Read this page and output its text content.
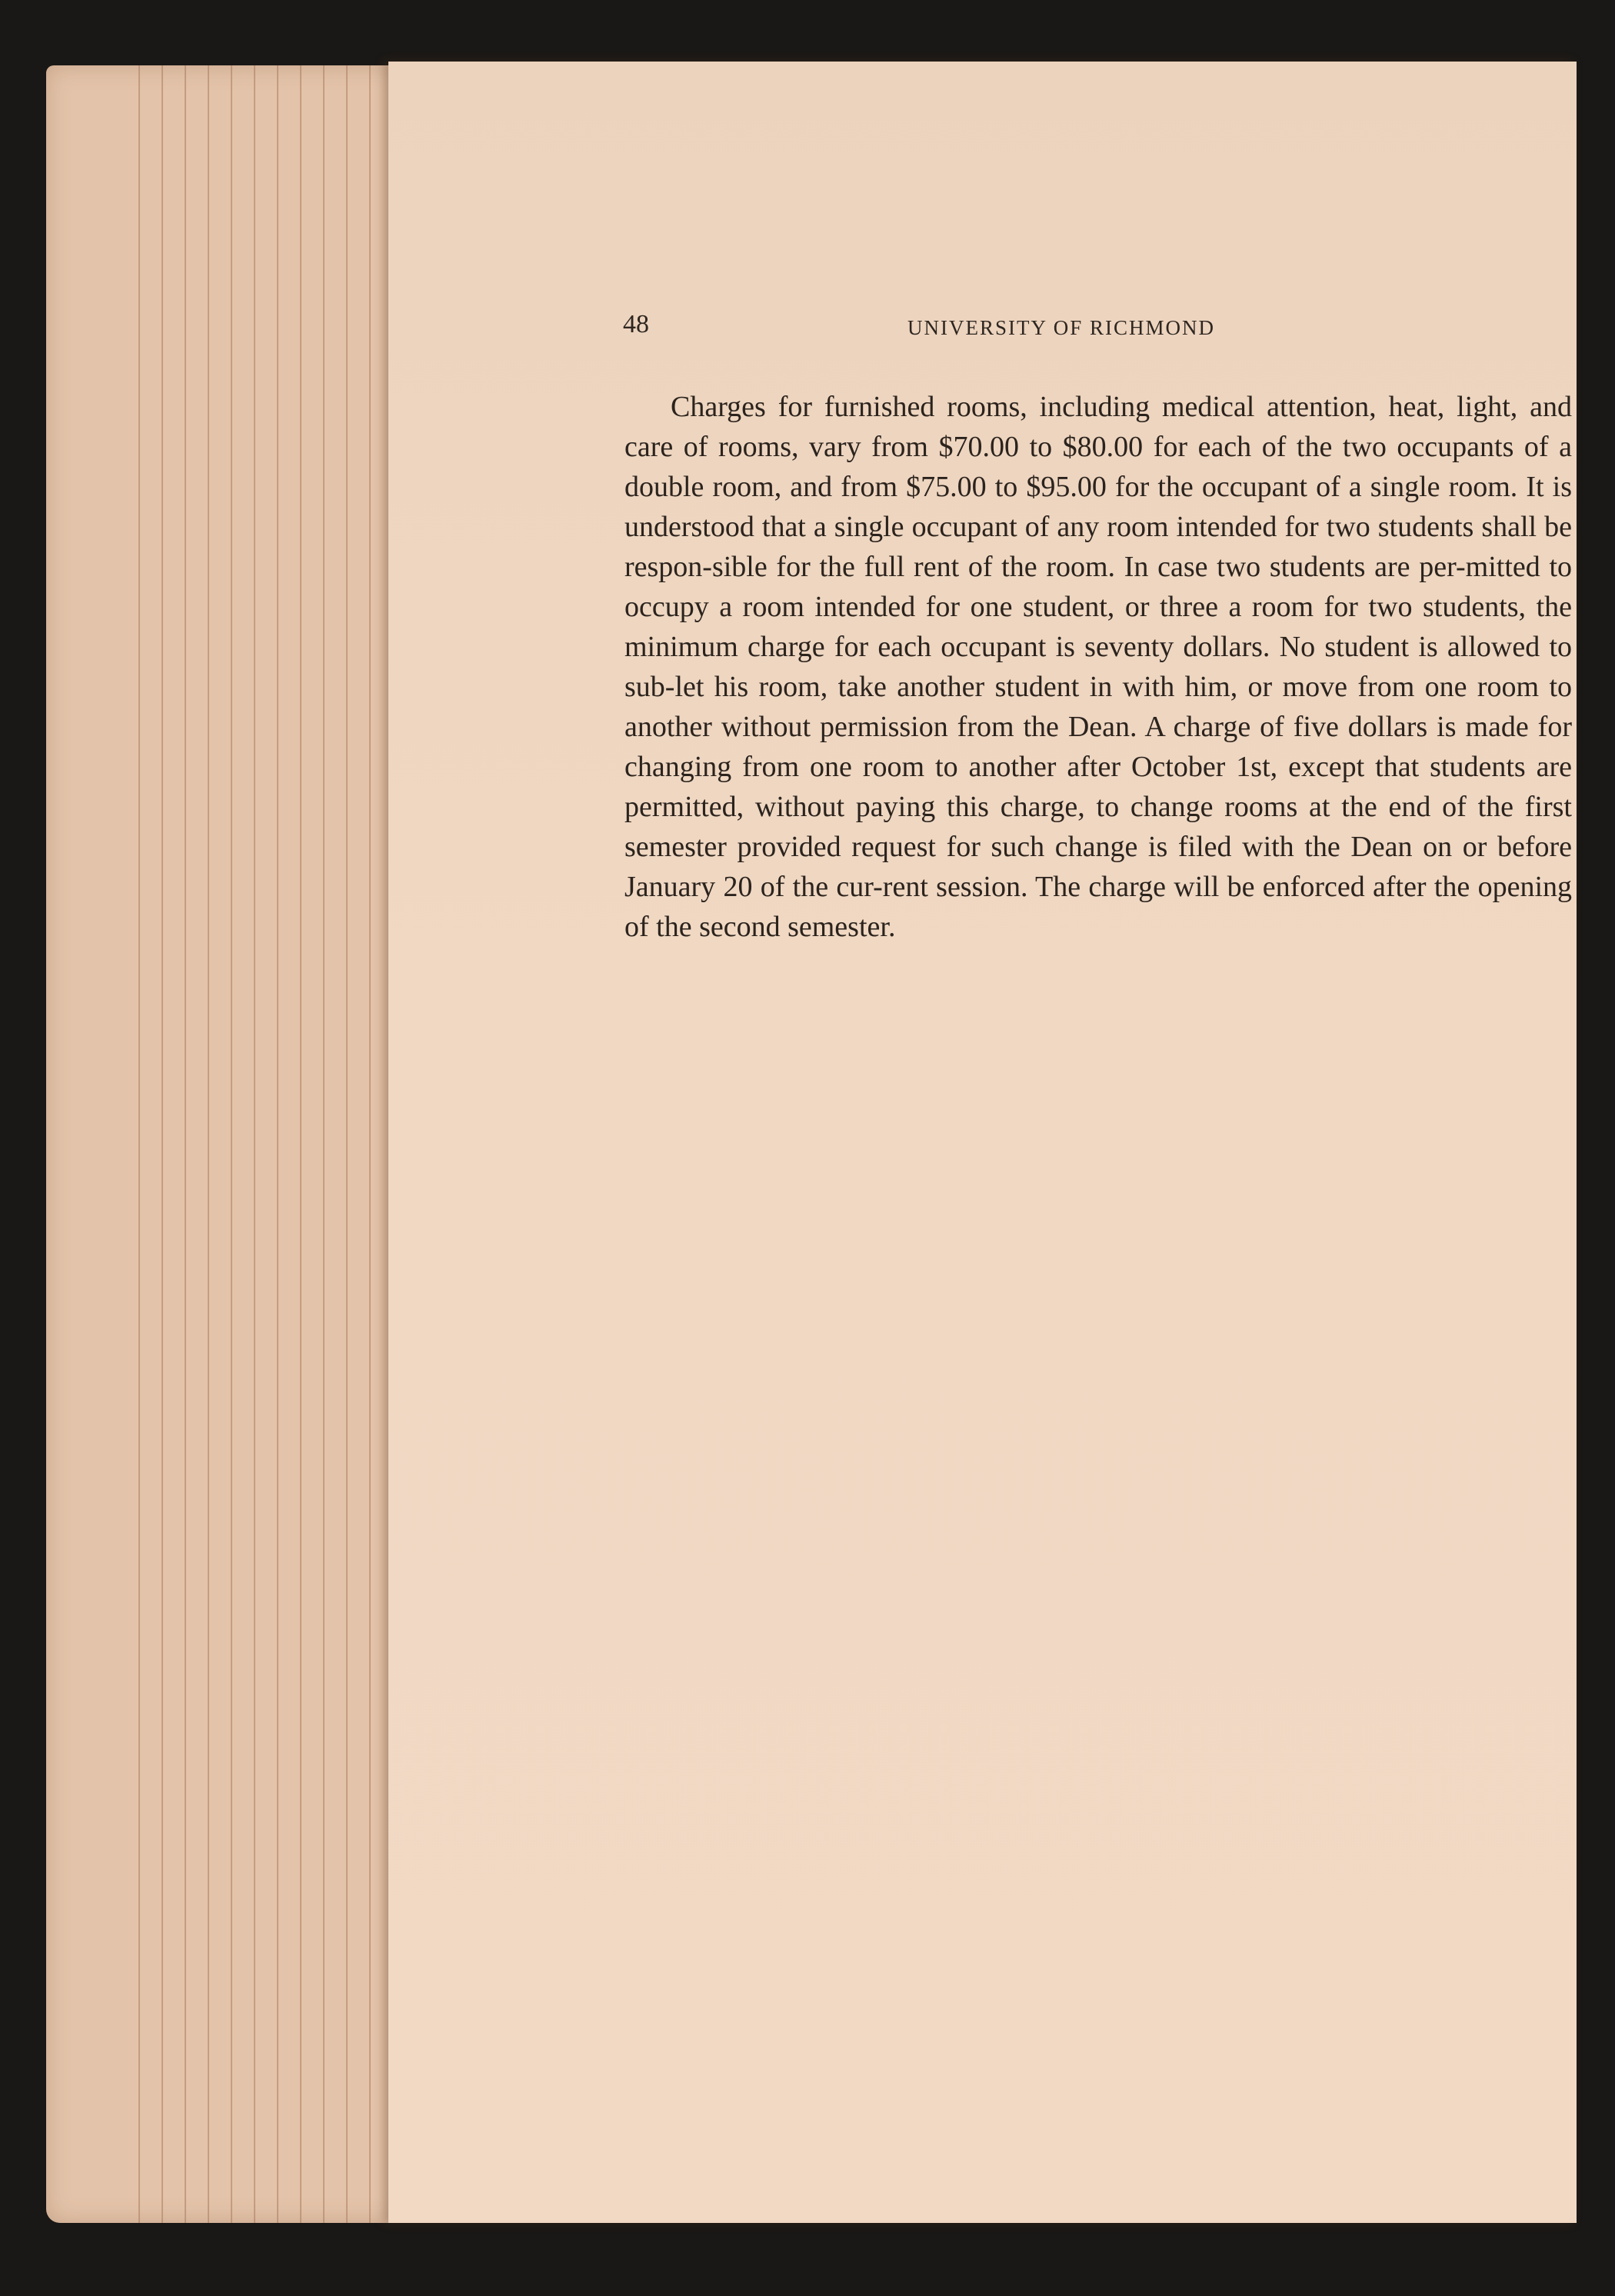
48	UNIVERSITY OF RICHMOND

Charges for furnished rooms, including medical attention, heat, light, and care of rooms, vary from $70.00 to $80.00 for each of the two occupants of a double room, and from $75.00 to $95.00 for the occupant of a single room. It is understood that a single occupant of any room intended for two students shall be respon-sible for the full rent of the room. In case two students are per-mitted to occupy a room intended for one student, or three a room for two students, the minimum charge for each occupant is seventy dollars. No student is allowed to sub-let his room, take another student in with him, or move from one room to another without permission from the Dean. A charge of five dollars is made for changing from one room to another after October 1st, except that students are permitted, without paying this charge, to change rooms at the end of the first semester provided request for such change is filed with the Dean on or before January 20 of the cur-rent session. The charge will be enforced after the opening of the second semester.
